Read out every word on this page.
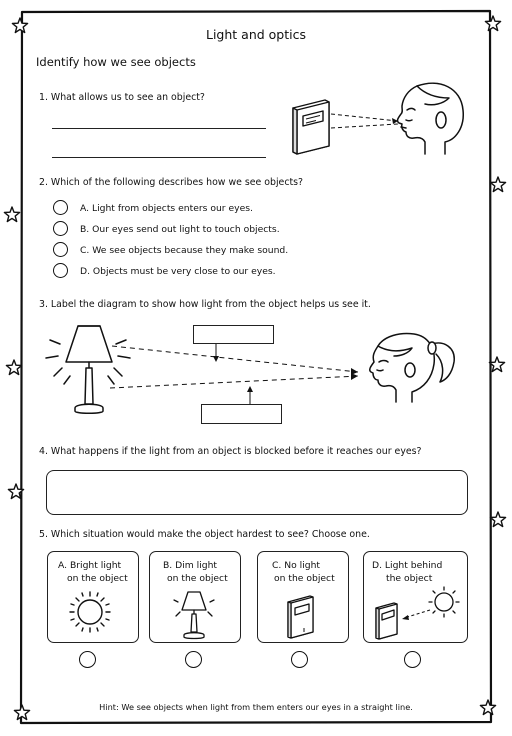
Light and optics
Identify how we see objects
1. What allows us to see an object?
2. Which of the following describes how we see objects?
A. Light from objects enters our eyes.
B. Our eyes send out light to touch objects.
C. We see objects because they make sound.
D. Objects must be very close to our eyes.
3. Label the diagram to show how light from the object helps us see it.
4. What happens if the light from an object is blocked before it reaches our eyes?
5. Which situation would make the object hardest to see? Choose one.
A. Bright light
on the object
B. Dim light
on the object
C. No light
on the object
D. Light behind
the object
Hint: We see objects when light from them enters our eyes in a straight line.
